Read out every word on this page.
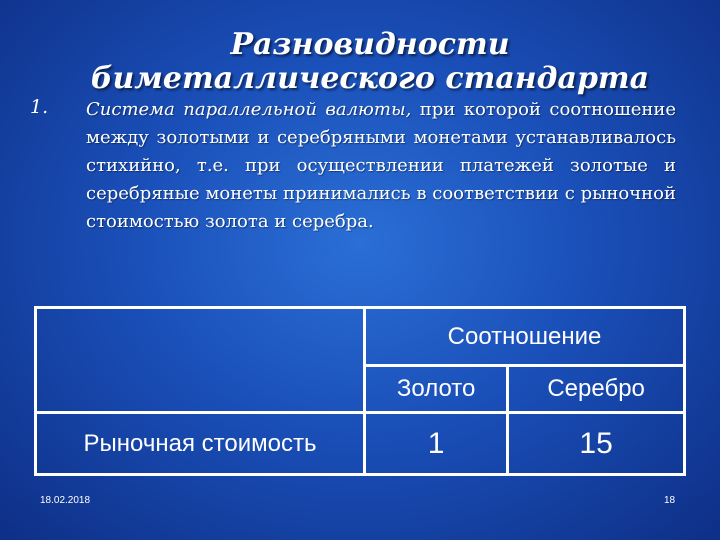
Разновидности биметаллического стандарта
1. Система параллельной валюты, при которой соотношение между золотыми и серебряными монетами устанавливалось стихийно, т.е. при осуществлении платежей золотые и серебряные монеты принимались в соответствии с рыночной стоимостью золота и серебра.
	Соотношение	
	Золото	Серебро
Рыночная стоимость	1	15
18.02.2018	18
